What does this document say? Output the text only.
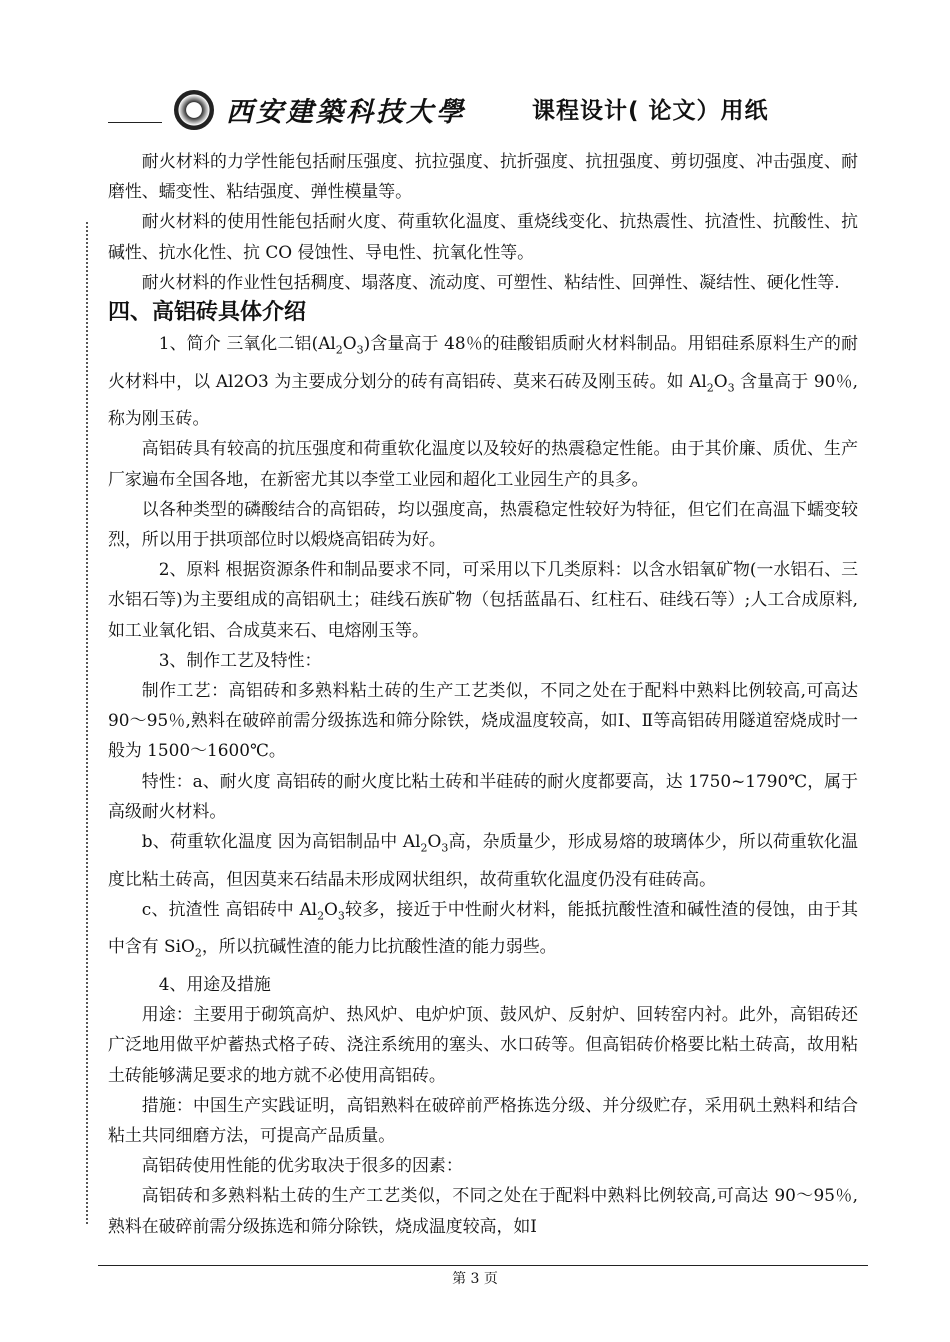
西安建築科技大學	课程设计( 论文）用纸

耐火材料的力学性能包括耐压强度、抗拉强度、抗折强度、抗扭强度、剪切强度、冲击强度、耐磨性、蠕变性、粘结强度、弹性模量等。

耐火材料的使用性能包括耐火度、荷重软化温度、重烧线变化、抗热震性、抗渣性、抗酸性、抗碱性、抗水化性、抗 CO 侵蚀性、导电性、抗氧化性等。

耐火材料的作业性包括稠度、塌落度、流动度、可塑性、粘结性、回弹性、凝结性、硬化性等.

四、高铝砖具体介绍

1、简介 三氧化二铝$(Al_2O_3)$含量高于 48％的硅酸铝质耐火材料制品。用铝硅系原料生产的耐火材料中，以 Al2O3 为主要成分划分的砖有高铝砖、莫来石砖及刚玉砖。如 $Al_2O_3$ 含量高于 90％,称为刚玉砖。

高铝砖具有较高的抗压强度和荷重软化温度以及较好的热震稳定性能。由于其价廉、质优、生产厂家遍布全国各地，在新密尤其以李堂工业园和超化工业园生产的具多。

以各种类型的磷酸结合的高铝砖，均以强度高，热震稳定性较好为特征，但它们在高温下蠕变较烈，所以用于拱项部位时以煅烧高铝砖为好。

2、原料 根据资源条件和制品要求不同，可采用以下几类原料：以含水铝氧矿物(一水铝石、三水铝石等)为主要组成的高铝矾土；硅线石族矿物（包括蓝晶石、红柱石、硅线石等）;人工合成原料,如工业氧化铝、合成莫来石、电熔刚玉等。

3、制作工艺及特性：

制作工艺：高铝砖和多熟料粘土砖的生产工艺类似，不同之处在于配料中熟料比例较高,可高达 90～95％,熟料在破碎前需分级拣选和筛分除铁，烧成温度较高，如Ⅰ、Ⅱ等高铝砖用隧道窑烧成时一般为 1500～1600℃。

特性：a、耐火度 高铝砖的耐火度比粘土砖和半硅砖的耐火度都要高，达 1750~1790℃，属于高级耐火材料。

b、荷重软化温度 因为高铝制品中 $Al_2O_3$高，杂质量少，形成易熔的玻璃体少，所以荷重软化温度比粘土砖高，但因莫来石结晶未形成网状组织，故荷重软化温度仍没有硅砖高。

c、抗渣性 高铝砖中 $Al_2O_3$较多，接近于中性耐火材料，能抵抗酸性渣和碱性渣的侵蚀，由于其中含有 SiO$_2$，所以抗碱性渣的能力比抗酸性渣的能力弱些。

4、用途及措施

用途：主要用于砌筑高炉、热风炉、电炉炉顶、鼓风炉、反射炉、回转窑内衬。此外，高铝砖还广泛地用做平炉蓄热式格子砖、浇注系统用的塞头、水口砖等。但高铝砖价格要比粘土砖高，故用粘土砖能够满足要求的地方就不必使用高铝砖。

措施：中国生产实践证明，高铝熟料在破碎前严格拣选分级、并分级贮存，采用矾土熟料和结合粘土共同细磨方法，可提高产品质量。

高铝砖使用性能的优劣取决于很多的因素：

高铝砖和多熟料粘土砖的生产工艺类似，不同之处在于配料中熟料比例较高,可高达 90～95％,熟料在破碎前需分级拣选和筛分除铁，烧成温度较高，如Ⅰ

第 3 页
